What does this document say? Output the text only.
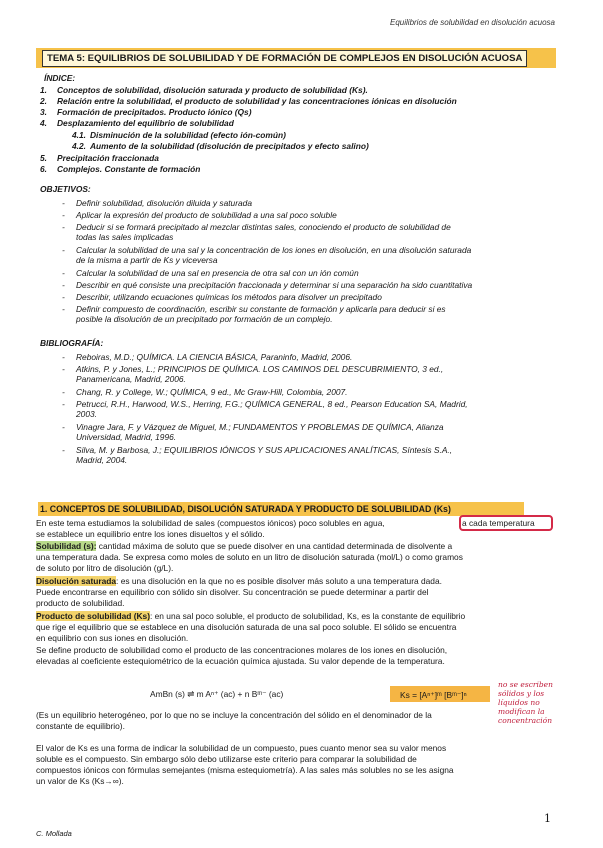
Equilibrios de solubilidad en disolución acuosa
TEMA 5: EQUILIBRIOS DE SOLUBILIDAD Y DE FORMACIÓN DE COMPLEJOS EN DISOLUCIÓN ACUOSA
ÍNDICE:
1. Conceptos de solubilidad, disolución saturada y producto de solubilidad (Ks).
2. Relación entre la solubilidad, el producto de solubilidad y las concentraciones iónicas en disolución
3. Formación de precipitados. Producto iónico (Qs)
4. Desplazamiento del equilibrio de solubilidad
4.1. Disminución de la solubilidad (efecto ión-común)
4.2. Aumento de la solubilidad (disolución de precipitados y efecto salino)
5. Precipitación fraccionada
6. Complejos. Constante de formación
OBJETIVOS:
- Definir solubilidad, disolución diluida y saturada
- Aplicar la expresión del producto de solubilidad a una sal poco soluble
- Deducir si se formará precipitado al mezclar distintas sales, conociendo el producto de solubilidad de
todas las sales implicadas
- Calcular la solubilidad de una sal y la concentración de los iones en disolución, en una disolución saturada
de la misma a partir de Ks y viceversa
- Calcular la solubilidad de una sal en presencia de otra sal con un ión común
- Describir en qué consiste una precipitación fraccionada y determinar si una separación ha sido cuantitativa
- Describir, utilizando ecuaciones químicas los métodos para disolver un precipitado
- Definir compuesto de coordinación, escribir su constante de formación y aplicarla para deducir si es
posible la disolución de un precipitado por formación de un complejo.
BIBLIOGRAFÍA:
- Reboiras, M.D.; QUÍMICA. LA CIENCIA BÁSICA, Paraninfo, Madrid, 2006.
- Atkins, P. y Jones, L.; PRINCIPIOS DE QUÍMICA. LOS CAMINOS DEL DESCUBRIMIENTO, 3 ed.,
Panamericana, Madrid, 2006.
- Chang, R. y College, W.; QUÍMICA, 9 ed., Mc Graw-Hill, Colombia, 2007.
- Petrucci, R.H., Harwood, W.S., Herring, F.G.; QUÍMICA GENERAL, 8 ed., Pearson Education SA, Madrid,
2003.
- Vinagre Jara, F. y Vázquez de Miguel, M.; FUNDAMENTOS Y PROBLEMAS DE QUÍMICA, Alianza
Universidad, Madrid, 1996.
- Silva, M. y Barbosa, J.; EQUILIBRIOS IÓNICOS Y SUS APLICACIONES ANALÍTICAS, Síntesis S.A.,
Madrid, 2004.
1. CONCEPTOS DE SOLUBILIDAD, DISOLUCIÓN SATURADA Y PRODUCTO DE SOLUBILIDAD (Ks)
En este tema estudiamos la solubilidad de sales (compuestos iónicos) poco solubles en agua,	a cada temperatura
se establece un equilibrio entre los iones disueltos y el sólido.
Solubilidad (s): cantidad máxima de soluto que se puede disolver en una cantidad determinada de disolvente a
una temperatura dada. Se expresa como moles de soluto en un litro de disolución saturada (mol/L) o como gramos
de soluto por litro de disolución (g/L).
Disolución saturada: es una disolución en la que no es posible disolver más soluto a una temperatura dada.
Puede encontrarse en equilibrio con sólido sin disolver. Su concentración se puede determinar a partir del
producto de solubilidad.
Producto de solubilidad (Ks): en una sal poco soluble, el producto de solubilidad, Ks, es la constante de equilibrio
que rige el equilibrio que se establece en una disolución saturada de una sal poco soluble. El sólido se encuentra
en equilibrio con sus iones en disolución.
Se define producto de solubilidad como el producto de las concentraciones molares de los iones en disolución,
elevadas al coeficiente estequiométrico de la ecuación química ajustada. Su valor depende de la temperatura.
AmBn (s) ⇌ m Aⁿ⁺ (ac) + n Bᵐ⁻ (ac)	Ks = [Aⁿ⁺]ᵐ [Bᵐ⁻]ⁿ
no se escriben
sólidos y los
líquidos no
modifican la
concentración
(Es un equilibrio heterogéneo, por lo que no se incluye la concentración del sólido en el denominador de la
constante de equilibrio).
El valor de Ks es una forma de indicar la solubilidad de un compuesto, pues cuanto menor sea su valor menos
soluble es el compuesto. Sin embargo sólo debo utilizarse este criterio para comparar la solubilidad de
compuestos iónicos con fórmulas semejantes (misma estequiometría). A las sales más solubles no se les asigna
un valor de Ks (Ks→∞).
1
C. Mollada
